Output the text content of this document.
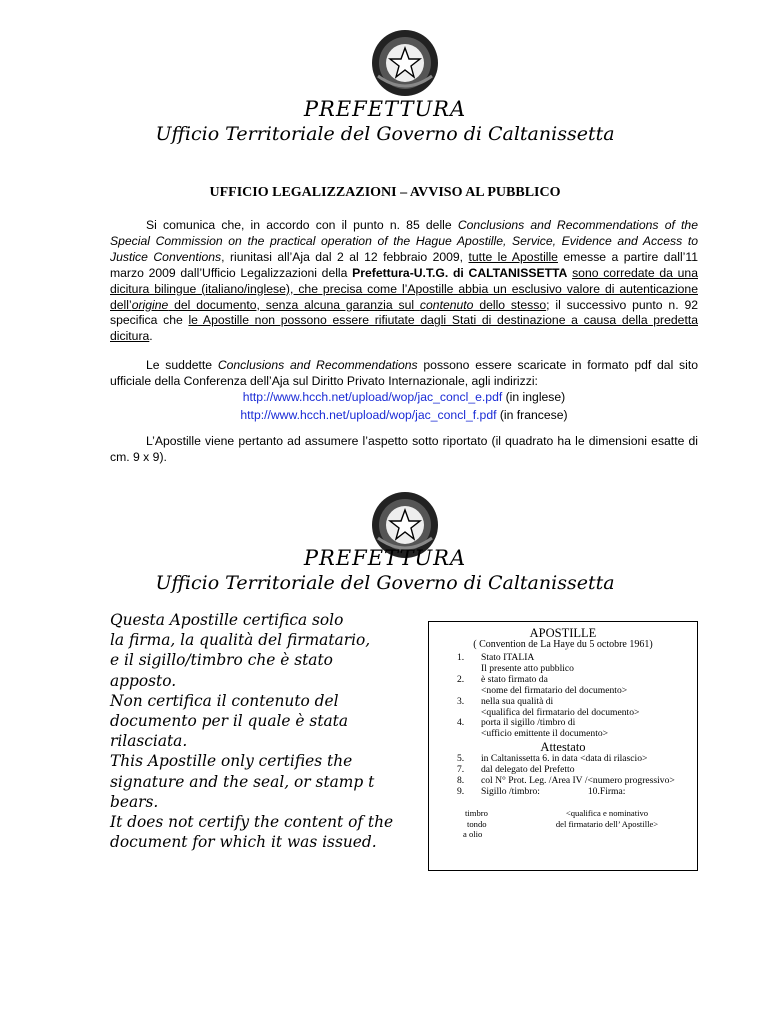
PREFETTURA
Ufficio Territoriale del Governo di Caltanissetta
UFFICIO LEGALIZZAZIONI – AVVISO AL PUBBLICO

Si comunica che, in accordo con il punto n. 85 delle Conclusions and Recommendations of the Special Commission on the practical operation of the Hague Apostille, Service, Evidence and Access to Justice Conventions, riunitasi all’Aja dal 2 al 12 febbraio 2009, tutte le Apostille emesse a partire dall’11 marzo 2009 dall’Ufficio Legalizzazioni della Prefettura-U.T.G. di CALTANISSETTA sono corredate da una dicitura bilingue (italiano/inglese), che precisa come l’Apostille abbia un esclusivo valore di autenticazione dell’origine del documento, senza alcuna garanzia sul contenuto dello stesso; il successivo punto n. 92 specifica che le Apostille non possono essere rifiutate dagli Stati di destinazione a causa della predetta dicitura.

Le suddette Conclusions and Recommendations possono essere scaricate in formato pdf dal sito ufficiale della Conferenza dell’Aja sul Diritto Privato Internazionale, agli indirizzi:

http://www.hcch.net/upload/wop/jac_concl_e.pdf (in inglese)
http://www.hcch.net/upload/wop/jac_concl_f.pdf (in francese)

L’Apostille viene pertanto ad assumere l’aspetto sotto riportato (il quadrato ha le dimensioni esatte di cm. 9 x 9).

PREFETTURA
Ufficio Territoriale del Governo di Caltanissetta
Questa Apostille certifica solo
la firma, la qualità del firmatario,
e il sigillo/timbro che è stato
apposto.
Non certifica il contenuto del
documento per il quale è stata
rilasciata.
This Apostille only certifies the
signature and the seal, or stamp t
bears.
It does not certify the content of the
document for which it was issued.
APOSTILLE
( Convention de La Haye du 5 octobre 1961)
1.	Stato ITALIA
Il presente atto pubblico
2.	è stato firmato da
<nome del firmatario del documento>
3.	nella sua qualità di
<qualifica del firmatario del documento>
4.	porta il sigillo /timbro di
<ufficio emittente il documento>
Attestato
5.	in Caltanissetta 6. in data <data di rilascio>
7.	dal delegato del Prefetto
8.	col N° Prot. Leg. /Area IV /<numero progressivo>
9.	Sigillo /timbro:                    10.Firma:
timbro
tondo
a olio
<qualifica e nominativo
del firmatario dell’ Apostille>
